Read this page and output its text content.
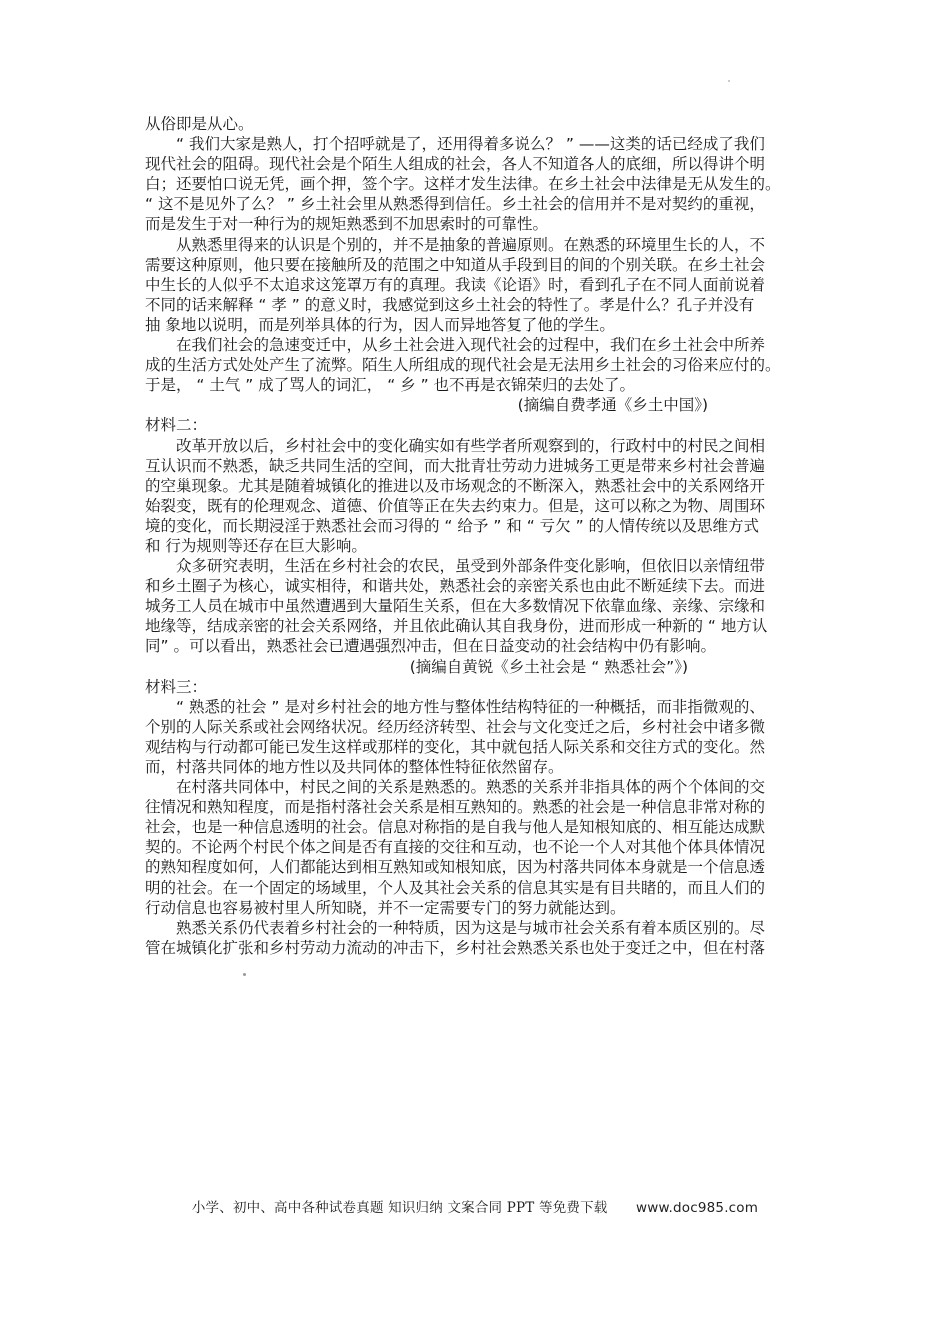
从俗即是从心。
“ 我们大家是熟人，打个招呼就是了，还用得着多说么？ ” ——这类的话已经成了我们
现代社会的阻碍。现代社会是个陌生人组成的社会，各人不知道各人的底细，所以得讲个明
白；还要怕口说无凭，画个押，签个字。这样才发生法律。在乡土社会中法律是无从发生的。
“ 这不是见外了么？ ” 乡土社会里从熟悉得到信任。乡土社会的信用并不是对契约的重视，
而是发生于对一种行为的规矩熟悉到不加思索时的可靠性。
从熟悉里得来的认识是个别的，并不是抽象的普遍原则。在熟悉的环境里生长的人，不
需要这种原则，他只要在接触所及的范围之中知道从手段到目的间的个别关联。在乡土社会
中生长的人似乎不太追求这笼罩万有的真理。我读《论语》时，看到孔子在不同人面前说着
不同的话来解释 “ 孝 ” 的意义时，我感觉到这乡土社会的特性了。孝是什么？孔子并没有
抽 象地以说明，而是列举具体的行为，因人而异地答复了他的学生。
在我们社会的急速变迁中，从乡土社会进入现代社会的过程中，我们在乡土社会中所养
成的生活方式处处产生了流弊。陌生人所组成的现代社会是无法用乡土社会的习俗来应付的。
于是， “ 土气 ” 成了骂人的词汇， “ 乡 ” 也不再是衣锦荣归的去处了。
(摘编自费孝通《乡土中国》)
材料二：
改革开放以后，乡村社会中的变化确实如有些学者所观察到的，行政村中的村民之间相
互认识而不熟悉，缺乏共同生活的空间，而大批青壮劳动力进城务工更是带来乡村社会普遍
的空巢现象。尤其是随着城镇化的推进以及市场观念的不断深入，熟悉社会中的关系网络开
始裂变，既有的伦理观念、道德、价值等正在失去约束力。但是，这可以称之为物、周围环
境的变化，而长期浸淫于熟悉社会而习得的 “ 给予 ” 和 “ 亏欠 ” 的人情传统以及思维方式
和 行为规则等还存在巨大影响。
众多研究表明，生活在乡村社会的农民，虽受到外部条件变化影响，但依旧以亲情纽带
和乡土圈子为核心，诚实相待，和谐共处，熟悉社会的亲密关系也由此不断延续下去。而进
城务工人员在城市中虽然遭遇到大量陌生关系，但在大多数情况下依靠血缘、亲缘、宗缘和
地缘等，结成亲密的社会关系网络，并且依此确认其自我身份，进而形成一种新的 “ 地方认
同” 。可以看出，熟悉社会已遭遇强烈冲击，但在日益变动的社会结构中仍有影响。
(摘编自黄锐《乡土社会是 “ 熟悉社会”》)
材料三：
“ 熟悉的社会 ” 是对乡村社会的地方性与整体性结构特征的一种概括，而非指微观的、
个别的人际关系或社会网络状况。经历经济转型、社会与文化变迁之后，乡村社会中诸多微
观结构与行动都可能已发生这样或那样的变化，其中就包括人际关系和交往方式的变化。然
而，村落共同体的地方性以及共同体的整体性特征依然留存。
在村落共同体中，村民之间的关系是熟悉的。熟悉的关系并非指具体的两个个体间的交
往情况和熟知程度，而是指村落社会关系是相互熟知的。熟悉的社会是一种信息非常对称的
社会，也是一种信息透明的社会。信息对称指的是自我与他人是知根知底的、相互能达成默
契的。不论两个村民个体之间是否有直接的交往和互动，也不论一个人对其他个体具体情况
的熟知程度如何，人们都能达到相互熟知或知根知底，因为村落共同体本身就是一个信息透
明的社会。在一个固定的场域里，个人及其社会关系的信息其实是有目共睹的，而且人们的
行动信息也容易被村里人所知晓，并不一定需要专门的努力就能达到。
熟悉关系仍代表着乡村社会的一种特质，因为这是与城市社会关系有着本质区别的。尽
管在城镇化扩张和乡村劳动力流动的冲击下，乡村社会熟悉关系也处于变迁之中，但在村落
小学、初中、高中各种试卷真题 知识归纳 文案合同 PPT 等免费下载 www.doc985.com
